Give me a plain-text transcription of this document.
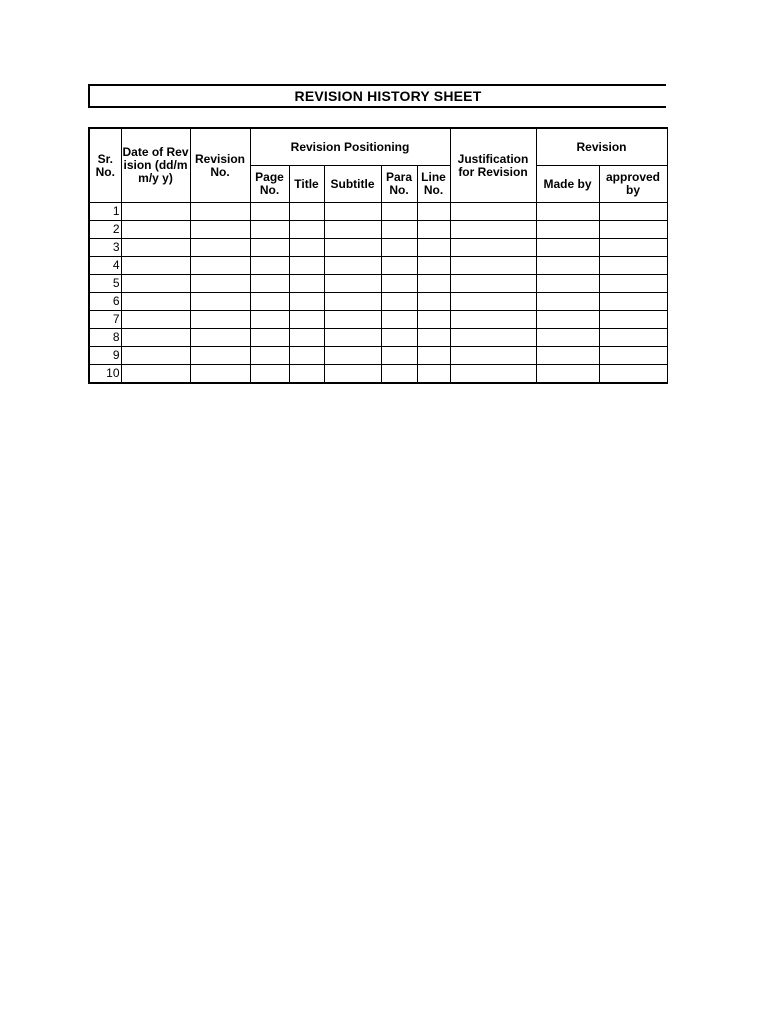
REVISION HISTORY SHEET
Sr. No.	Date of Revision (dd/mm/y y)	Revision No.	Revision Positioning					Justification for Revision	Revision	
			Page No.	Title	Subtitle	Para No.	Line No.		Made by	approved by
1										
2										
3										
4										
5										
6										
7										
8										
9										
10										
